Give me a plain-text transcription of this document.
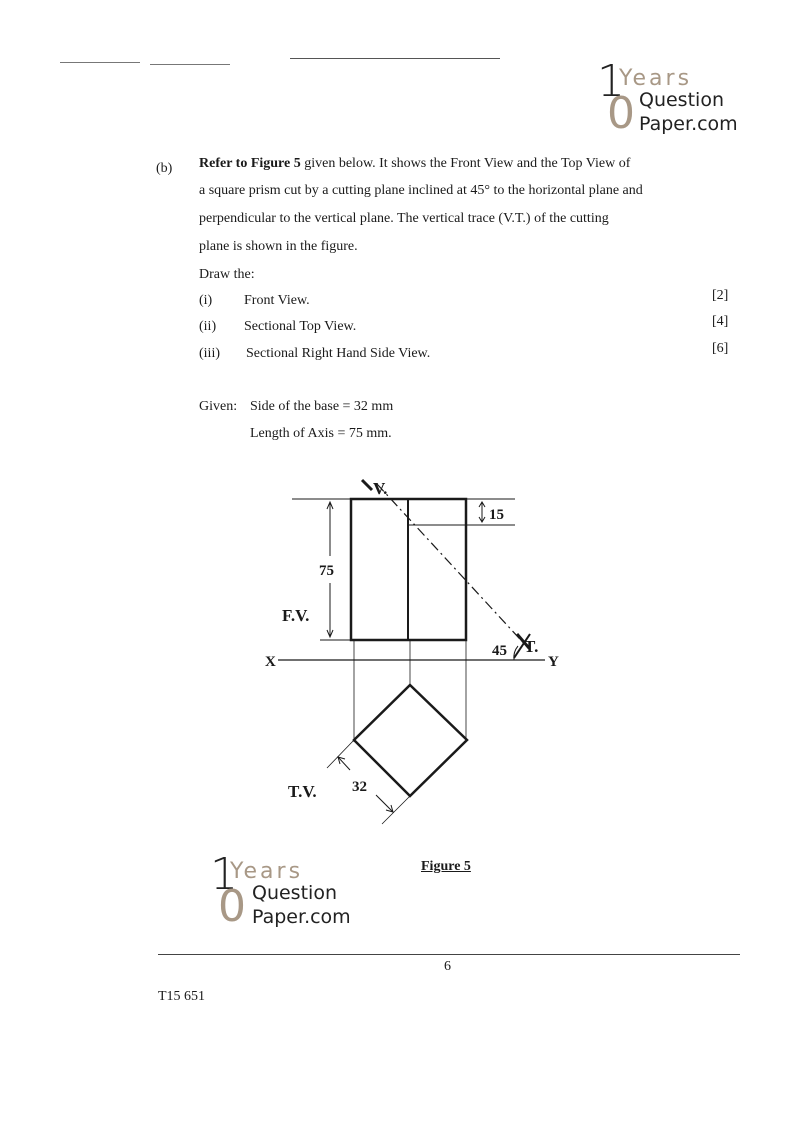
1
0
Years
Question
Paper.com
(b) Refer to Figure 5 given below. It shows the Front View and the Top View of
a square prism cut by a cutting plane inclined at 45° to the horizontal plane and
perpendicular to the vertical plane. The vertical trace (V.T.) of the cutting
plane is shown in the figure.
Draw the:
(i) Front View.	[2]
(ii) Sectional Top View.	[4]
(iii) Sectional Right Hand Side View.	[6]
Given: Side of the base = 32 mm
Length of Axis = 75 mm.
V.
T.
15
75
32
45
F.V.
T.V.
X	Y
Figure 5
1
0
Years
Question
Paper.com
6
T15 651
